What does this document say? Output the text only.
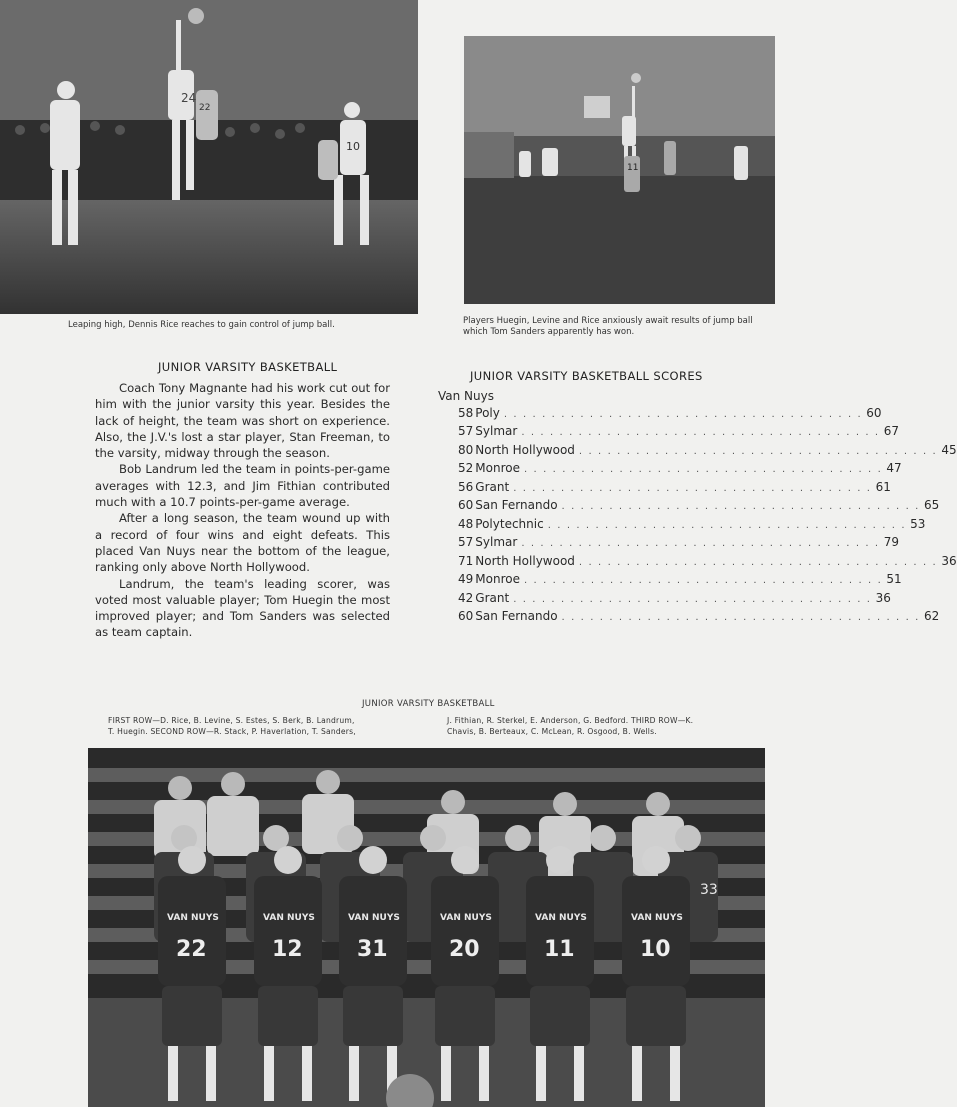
24
22
10
11
Leaping high, Dennis Rice reaches to gain control of jump ball.	Players Huegin, Levine and Rice anxiously await results of jump ball which Tom Sanders apparently has won.
JUNIOR VARSITY BASKETBALL

Coach Tony Magnante had his work cut out for him with the junior varsity this year. Besides the lack of height, the team was short on experience. Also, the J.V.'s lost a star player, Stan Freeman, to the varsity, midway through the season.

Bob Landrum led the team in points-per-game averages with 12.3, and Jim Fithian contributed much with a 10.7 points-per-game average.

After a long season, the team wound up with a record of four wins and eight defeats. This placed Van Nuys near the bottom of the league, ranking only above North Hollywood.

Landrum, the team's leading scorer, was voted most valuable player; Tom Huegin the most improved player; and Tom Sanders was selected as team captain.

JUNIOR VARSITY BASKETBALL SCORES
Van Nuys
58 Poly . . . . . . . . . . . . . . . . . . . . . . . . . . . . . . . . . . . . . . 60
57 Sylmar . . . . . . . . . . . . . . . . . . . . . . . . . . . . . . . . . . . . . . 67
80 North Hollywood . . . . . . . . . . . . . . . . . . . . . . . . . . . . . . . . . . . . . . 45
52 Monroe . . . . . . . . . . . . . . . . . . . . . . . . . . . . . . . . . . . . . . 47
56 Grant . . . . . . . . . . . . . . . . . . . . . . . . . . . . . . . . . . . . . . 61
60 San Fernando . . . . . . . . . . . . . . . . . . . . . . . . . . . . . . . . . . . . . . 65
48 Polytechnic . . . . . . . . . . . . . . . . . . . . . . . . . . . . . . . . . . . . . . 53
57 Sylmar . . . . . . . . . . . . . . . . . . . . . . . . . . . . . . . . . . . . . . 79
71 North Hollywood . . . . . . . . . . . . . . . . . . . . . . . . . . . . . . . . . . . . . . 36
49 Monroe . . . . . . . . . . . . . . . . . . . . . . . . . . . . . . . . . . . . . . 51
42 Grant . . . . . . . . . . . . . . . . . . . . . . . . . . . . . . . . . . . . . . 36
60 San Fernando . . . . . . . . . . . . . . . . . . . . . . . . . . . . . . . . . . . . . . 62
JUNIOR VARSITY BASKETBALL
FIRST ROW—D. Rice, B. Levine, S. Estes, S. Berk, B. Landrum,
T. Huegin. SECOND ROW—R. Stack, P. Haverlation, T. Sanders,
J. Fithian, R. Sterkel, E. Anderson, G. Bedford. THIRD ROW—K.
Chavis, B. Berteaux, C. McLean, R. Osgood, B. Wells.
33
VAN NUYS
22
VAN NUYS
12
VAN NUYS
31
VAN NUYS
20
VAN NUYS
11
VAN NUYS
10
